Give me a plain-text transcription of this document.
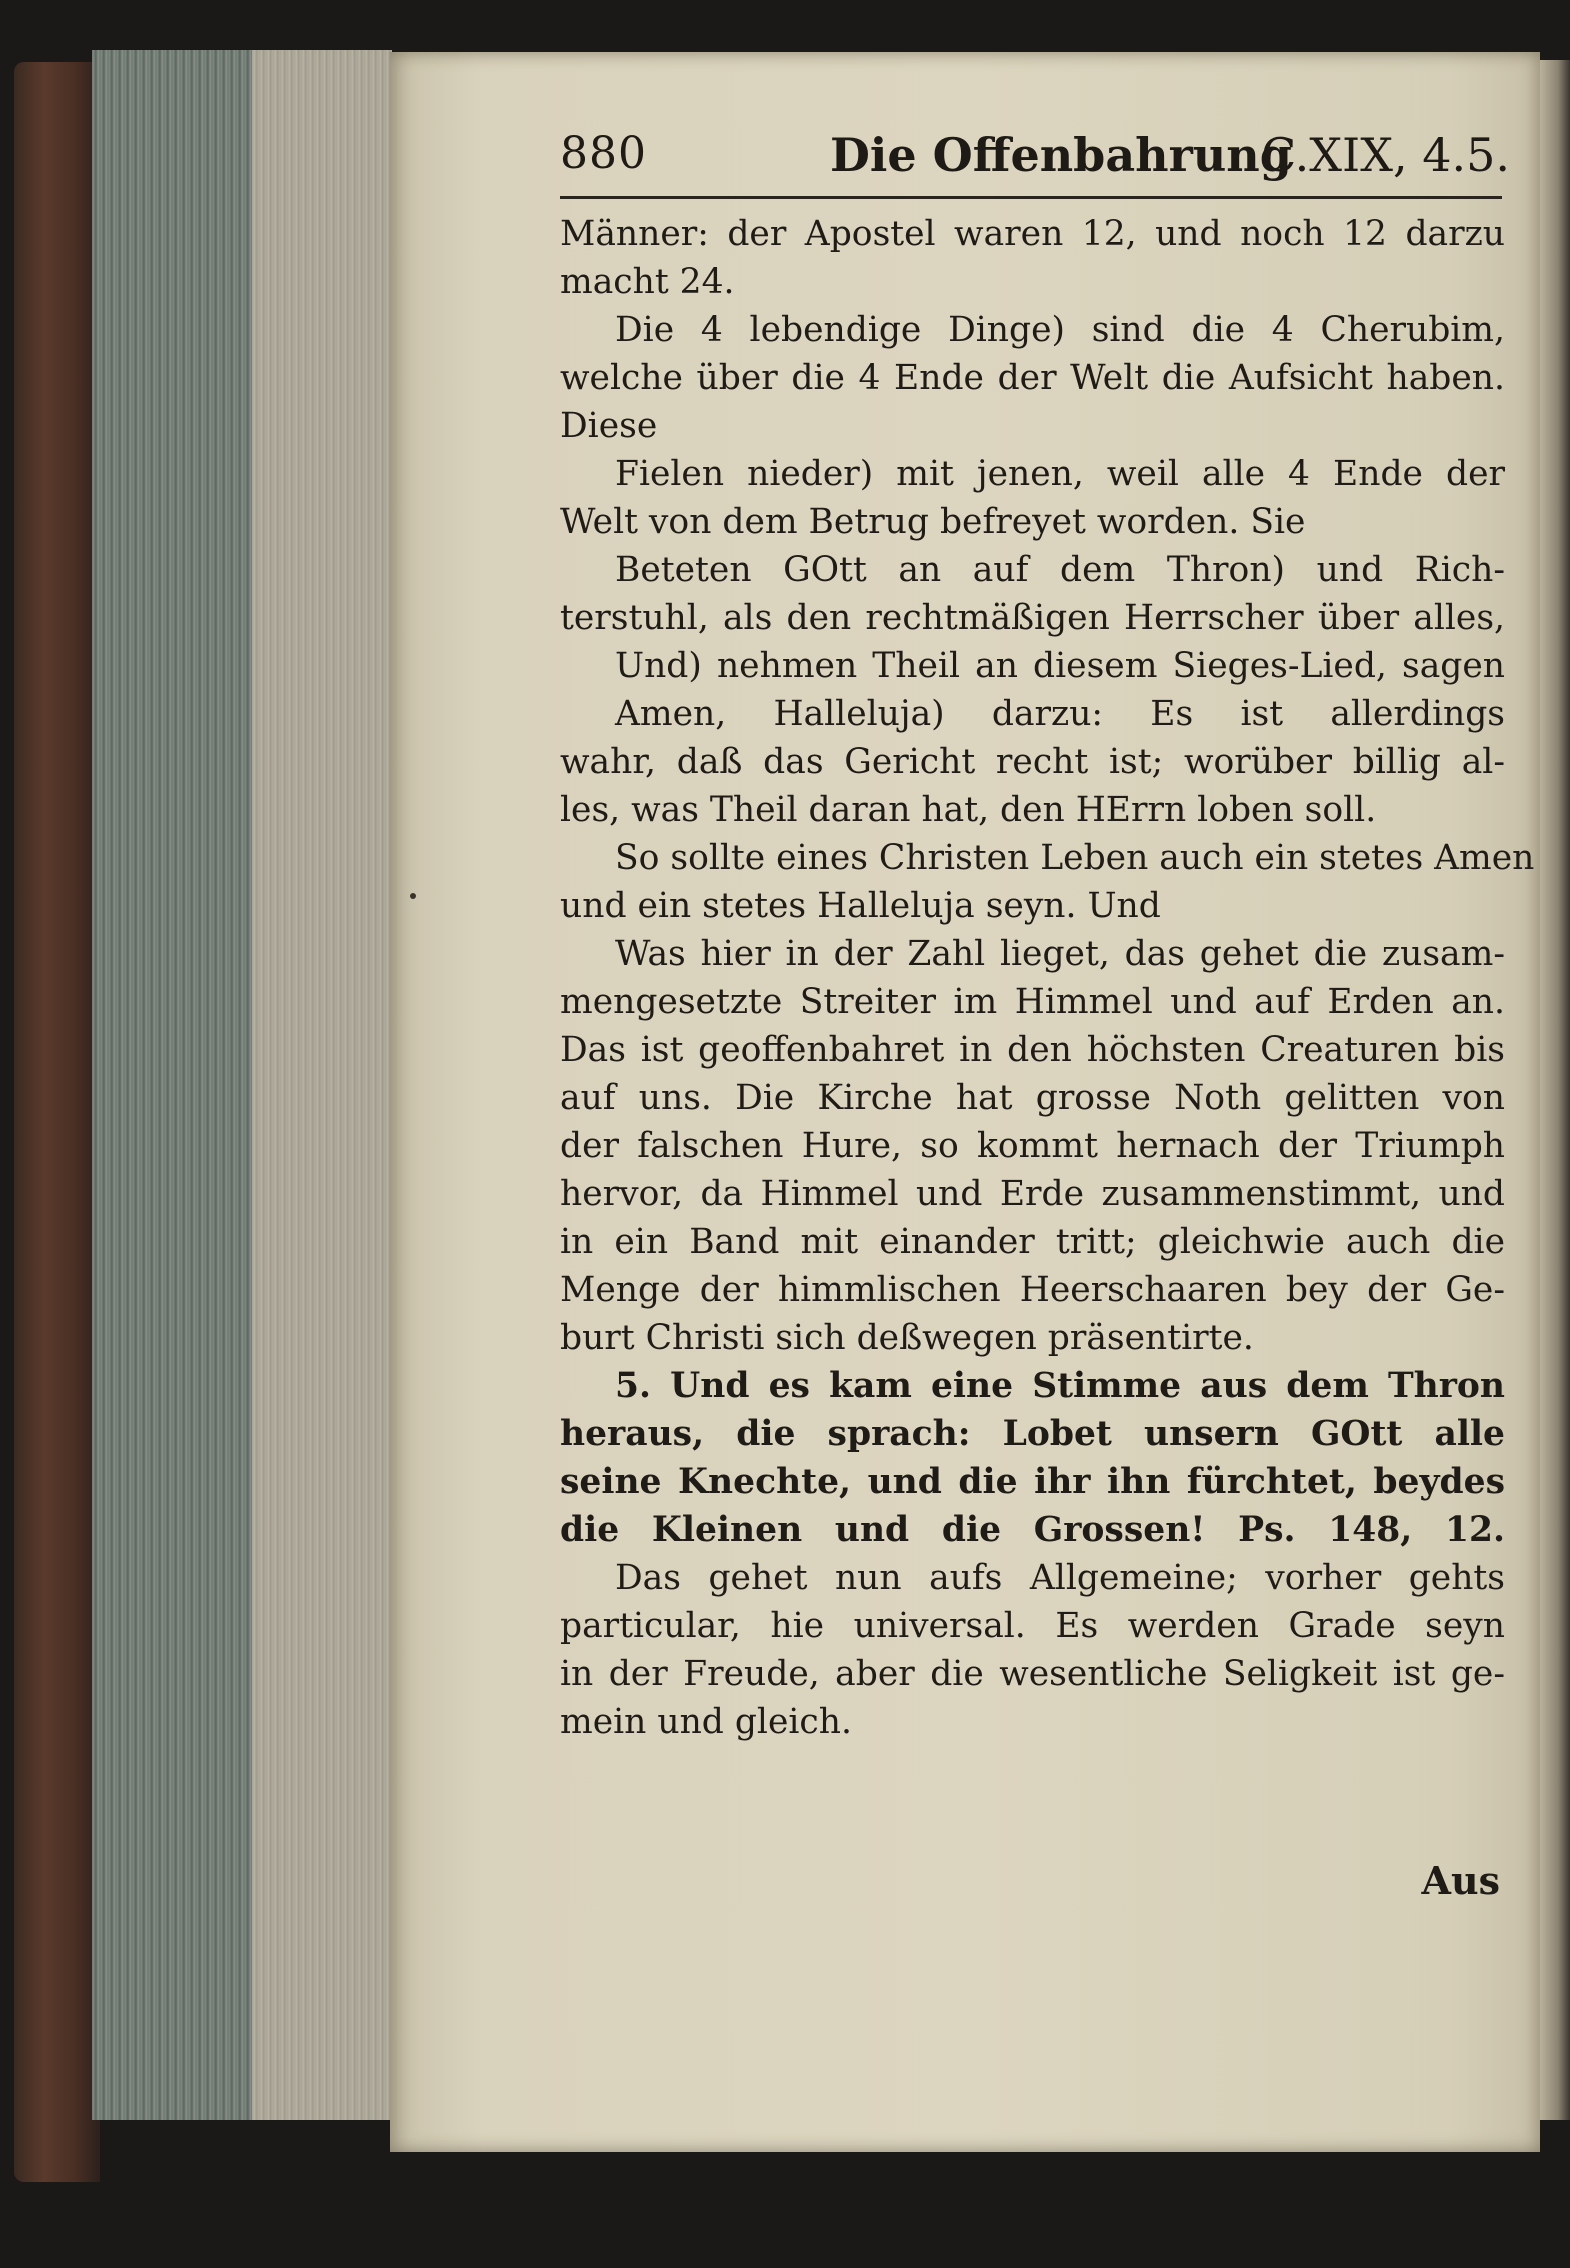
880	Die Offenbahrung
C.XIX, 4.5.
Männer: der Apostel waren 12, und noch 12 darzu
macht 24.
Die 4 lebendige Dinge) sind die 4 Cherubim,
welche über die 4 Ende der Welt die Aufsicht haben.
Diese
Fielen nieder) mit jenen, weil alle 4 Ende der
Welt von dem Betrug befreyet worden. Sie
Beteten GOtt an auf dem Thron) und Rich-
terstuhl, als den rechtmäßigen Herrscher über alles,
Und) nehmen Theil an diesem Sieges-Lied, sagen
Amen, Halleluja) darzu: Es ist allerdings
wahr, daß das Gericht recht ist; worüber billig al-
les, was Theil daran hat, den HErrn loben soll.
So sollte eines Christen Leben auch ein stetes Amen
und ein stetes Halleluja seyn. Und
Was hier in der Zahl lieget, das gehet die zusam-
mengesetzte Streiter im Himmel und auf Erden an.
Das ist geoffenbahret in den höchsten Creaturen bis
auf uns. Die Kirche hat grosse Noth gelitten von
der falschen Hure, so kommt hernach der Triumph
hervor, da Himmel und Erde zusammenstimmt, und
in ein Band mit einander tritt; gleichwie auch die
Menge der himmlischen Heerschaaren bey der Ge-
burt Christi sich deßwegen präsentirte.
5. Und es kam eine Stimme aus dem Thron
heraus, die sprach: Lobet unsern GOtt alle
seine Knechte, und die ihr ihn fürchtet, beydes
die Kleinen und die Grossen! Ps. 148, 12.
Das gehet nun aufs Allgemeine; vorher gehts
particular, hie universal. Es werden Grade seyn
in der Freude, aber die wesentliche Seligkeit ist ge-
mein und gleich.
Aus
